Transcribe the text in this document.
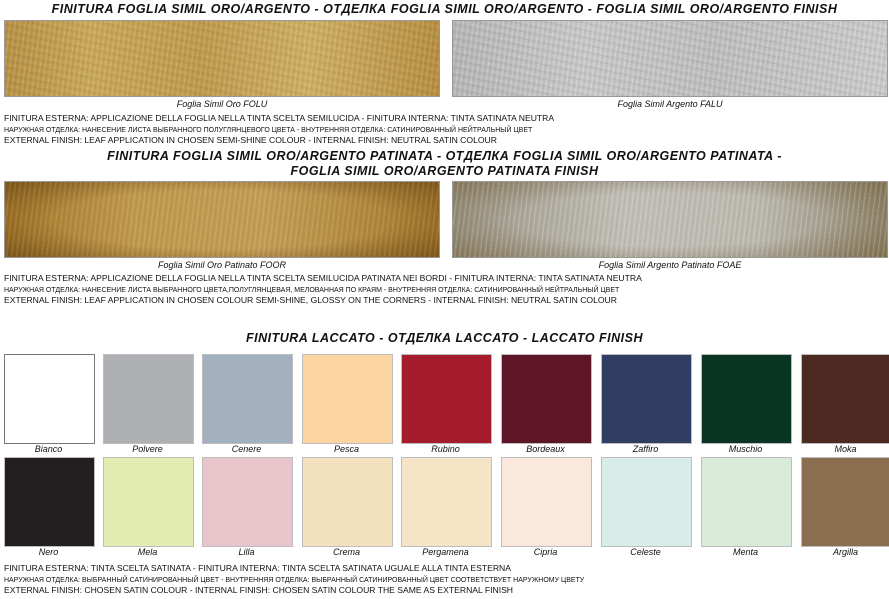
FINITURA FOGLIA SIMIL ORO/ARGENTO - ОТДЕЛКА FOGLIA SIMIL ORO/ARGENTO - FOGLIA SIMIL ORO/ARGENTO FINISH
Foglia Simil Oro FOLU	Foglia Simil Argento FALU
FINITURA ESTERNA: APPLICAZIONE DELLA FOGLIA NELLA TINTA SCELTA SEMILUCIDA - FINITURA INTERNA: TINTA SATINATA NEUTRA
НАРУЖНАЯ ОТДЕЛКА: НАНЕСЕНИЕ ЛИСТА ВЫБРАННОГО ПОЛУГЛЯНЦЕВОГО ЦВЕТА - ВНУТРЕННЯЯ ОТДЕЛКА: САТИНИРОВАННЫЙ НЕЙТРАЛЬНЫЙ ЦВЕТ
EXTERNAL FINISH: LEAF APPLICATION IN CHOSEN SEMI-SHINE COLOUR - INTERNAL FINISH: NEUTRAL SATIN COLOUR
FINITURA FOGLIA SIMIL ORO/ARGENTO PATINATA - ОТДЕЛКА FOGLIA SIMIL ORO/ARGENTO PATINATA -
FOGLIA SIMIL ORO/ARGENTO PATINATA FINISH
Foglia Simil Oro Patinato FOOR	Foglia Simil Argento Patinato FOAE
FINITURA ESTERNA: APPLICAZIONE DELLA FOGLIA NELLA TINTA SCELTA SEMILUCIDA PATINATA NEI BORDI - FINITURA INTERNA: TINTA SATINATA NEUTRA
НАРУЖНАЯ ОТДЕЛКА: НАНЕСЕНИЕ ЛИСТА ВЫБРАННОГО ЦВЕТА,ПОЛУГЛЯНЦЕВАЯ, МЕЛОВАННАЯ ПО КРАЯМ - ВНУТРЕННЯЯ ОТДЕЛКА: САТИНИРОВАННЫЙ НЕЙТРАЛЬНЫЙ ЦВЕТ
EXTERNAL FINISH: LEAF APPLICATION IN CHOSEN COLOUR SEMI-SHINE, GLOSSY ON THE CORNERS - INTERNAL FINISH: NEUTRAL SATIN COLOUR
FINITURA LACCATO - ОТДЕЛКА LACCATO - LACCATO FINISH
Bianco	Polvere	Cenere	Pesca	Rubino	Bordeaux	Zaffiro	Muschio	Moka
Nero	Mela	Lilla	Crema	Pergamena	Cipria	Celeste	Menta	Argilla
FINITURA ESTERNA: TINTA SCELTA SATINATA - FINITURA INTERNA: TINTA SCELTA SATINATA UGUALE ALLA TINTA ESTERNA
НАРУЖНАЯ ОТДЕЛКА: ВЫБРАННЫЙ САТИНИРОВАННЫЙ ЦВЕТ - ВНУТРЕННЯЯ ОТДЕЛКА: ВЫБРАННЫЙ САТИНИРОВАННЫЙ ЦВЕТ СООТВЕТСТВУЕТ НАРУЖНОМУ ЦВЕТУ
EXTERNAL FINISH: CHOSEN SATIN COLOUR - INTERNAL FINISH: CHOSEN SATIN COLOUR THE SAME AS EXTERNAL FINISH
